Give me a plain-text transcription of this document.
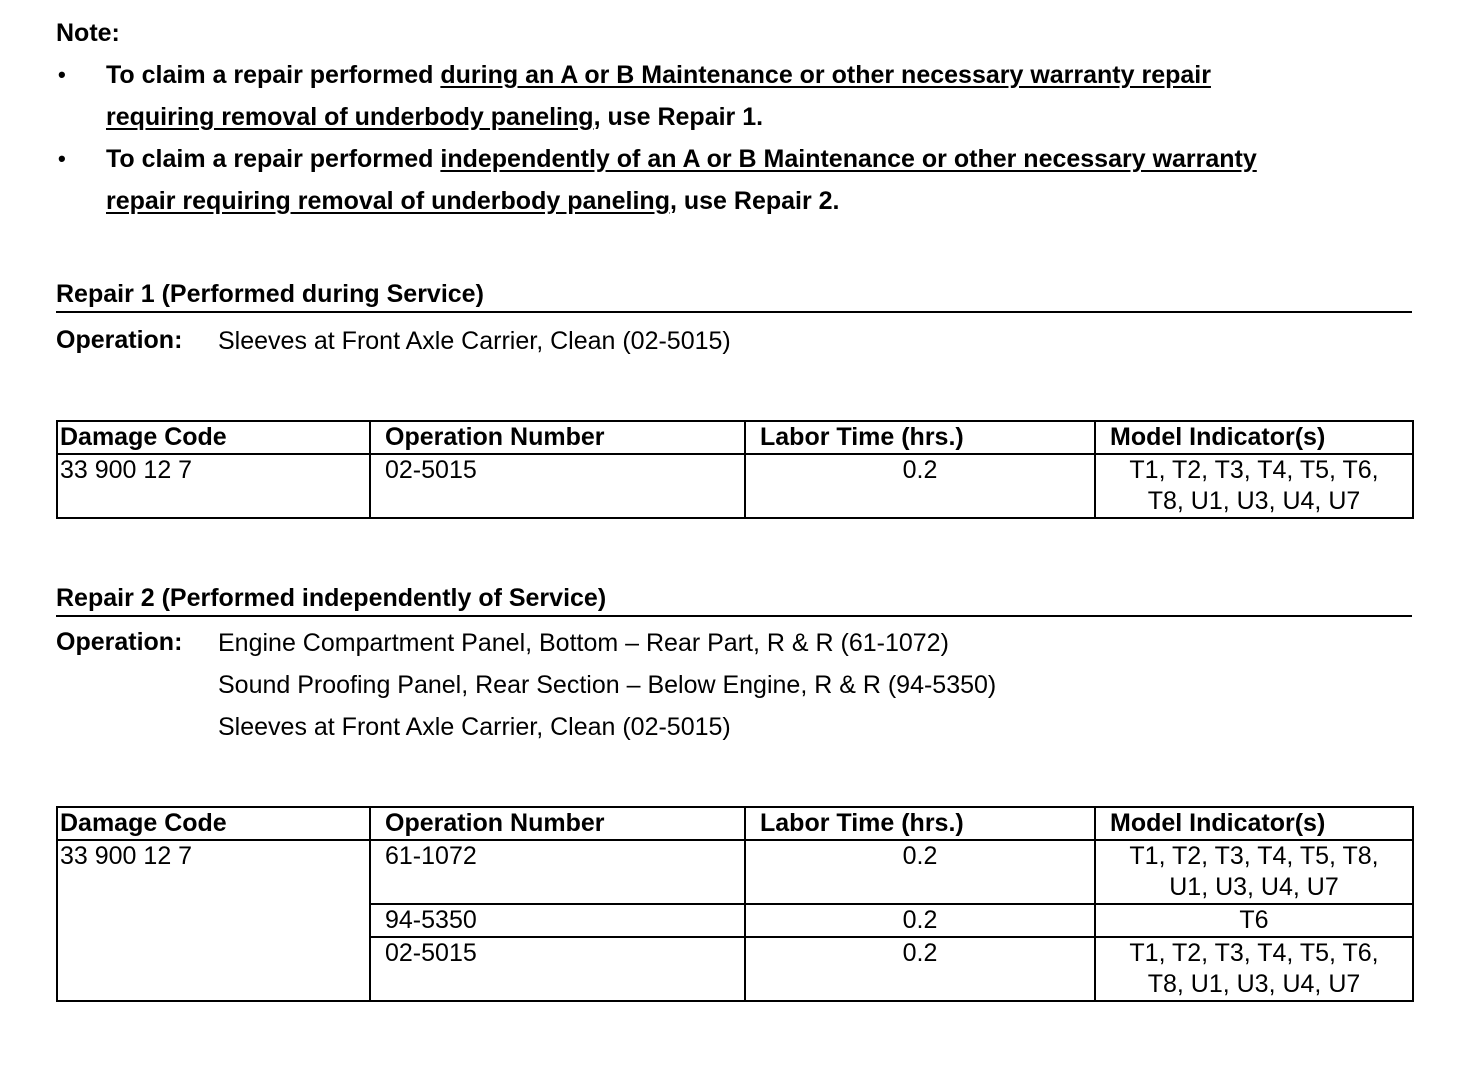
Note:
• To claim a repair performed during an A or B Maintenance or other necessary warranty repair requiring removal of underbody paneling, use Repair 1.
• To claim a repair performed independently of an A or B Maintenance or other necessary warranty repair requiring removal of underbody paneling, use Repair 2.
Repair 1 (Performed during Service)
Operation: Sleeves at Front Axle Carrier, Clean (02-5015)
Damage Code	Operation Number	Labor Time (hrs.)	Model Indicator(s)
33 900 12 7	02-5015	0.2	T1, T2, T3, T4, T5, T6,
T8, U1, U3, U4, U7
Repair 2 (Performed independently of Service)
Operation: Engine Compartment Panel, Bottom – Rear Part, R & R (61-1072)
Sound Proofing Panel, Rear Section – Below Engine, R & R (94-5350)
Sleeves at Front Axle Carrier, Clean (02-5015)
Damage Code	Operation Number	Labor Time (hrs.)	Model Indicator(s)
33 900 12 7	61-1072	0.2	T1, T2, T3, T4, T5, T8,
U1, U3, U4, U7

	94-5350	0.2	T6

	02-5015	0.2	T1, T2, T3, T4, T5, T6,
T8, U1, U3, U4, U7
